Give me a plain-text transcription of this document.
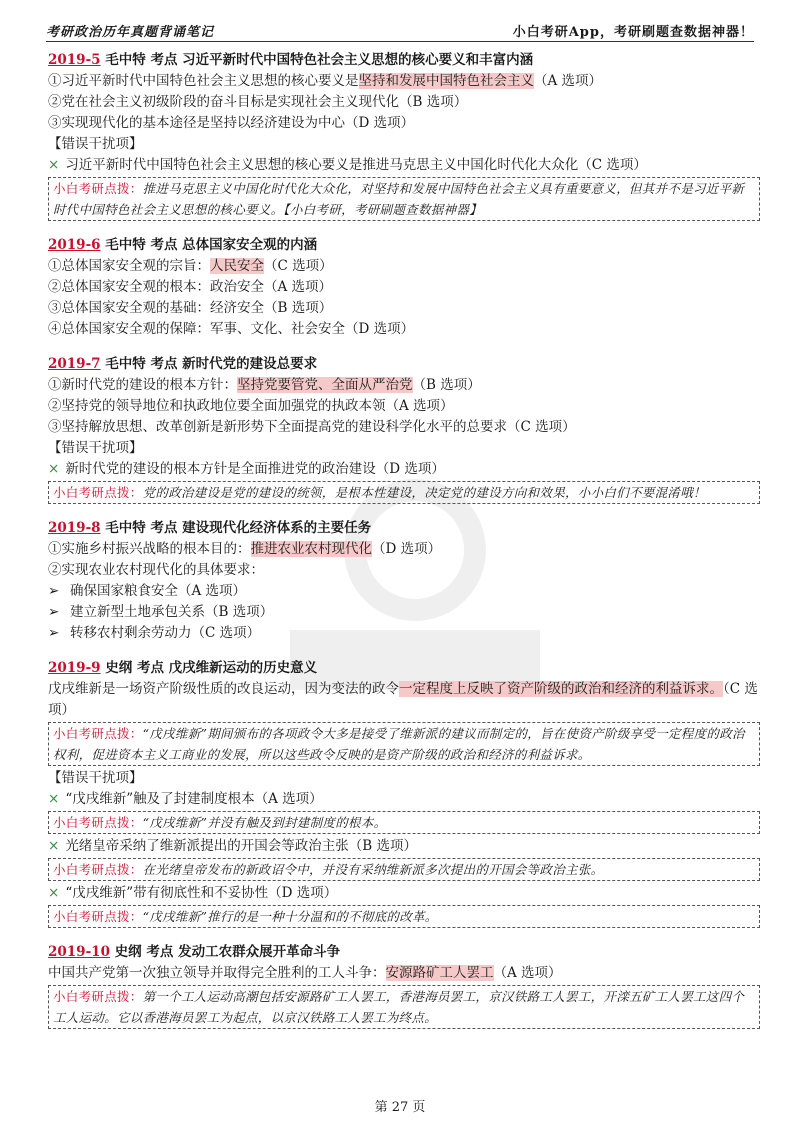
考研政治历年真题背诵笔记	小白考研App，考研刷题查数据神器！
2019-5 毛中特 考点 习近平新时代中国特色社会主义思想的核心要义和丰富内涵
①习近平新时代中国特色社会主义思想的核心要义是坚持和发展中国特色社会主义（A 选项）
②党在社会主义初级阶段的奋斗目标是实现社会主义现代化（B 选项）
③实现现代化的基本途径是坚持以经济建设为中心（D 选项）
【错误干扰项】
× 习近平新时代中国特色社会主义思想的核心要义是推进马克思主义中国化时代化大众化（C 选项）
小白考研点拨：推进马克思主义中国化时代化大众化，对坚持和发展中国特色社会主义具有重要意义，但其并不是习近平新时代中国特色社会主义思想的核心要义。【小白考研，考研刷题查数据神器】
2019-6 毛中特 考点 总体国家安全观的内涵
①总体国家安全观的宗旨：人民安全（C 选项）
②总体国家安全观的根本：政治安全（A 选项）
③总体国家安全观的基础：经济安全（B 选项）
④总体国家安全观的保障：军事、文化、社会安全（D 选项）
2019-7 毛中特 考点 新时代党的建设总要求
①新时代党的建设的根本方针：坚持党要管党、全面从严治党（B 选项）
②坚持党的领导地位和执政地位要全面加强党的执政本领（A 选项）
③坚持解放思想、改革创新是新形势下全面提高党的建设科学化水平的总要求（C 选项）
【错误干扰项】
× 新时代党的建设的根本方针是全面推进党的政治建设（D 选项）
小白考研点拨：党的政治建设是党的建设的统领，是根本性建设，决定党的建设方向和效果，小小白们不要混淆哦！
2019-8 毛中特 考点 建设现代化经济体系的主要任务
①实施乡村振兴战略的根本目的：推进农业农村现代化（D 选项）
②实现农业农村现代化的具体要求：
➢ 确保国家粮食安全（A 选项）
➢ 建立新型土地承包关系（B 选项）
➢ 转移农村剩余劳动力（C 选项）
2019-9 史纲 考点 戊戌维新运动的历史意义
戊戌维新是一场资产阶级性质的改良运动，因为变法的政令一定程度上反映了资产阶级的政治和经济的利益诉求。（C 选项）
小白考研点拨：“戊戌维新”期间颁布的各项政令大多是接受了维新派的建议而制定的，旨在使资产阶级享受一定程度的政治权利，促进资本主义工商业的发展，所以这些政令反映的是资产阶级的政治和经济的利益诉求。
【错误干扰项】
× “戊戌维新”触及了封建制度根本（A 选项）
小白考研点拨：“戊戌维新”并没有触及到封建制度的根本。
× 光绪皇帝采纳了维新派提出的开国会等政治主张（B 选项）
小白考研点拨：在光绪皇帝发布的新政诏令中，并没有采纳维新派多次提出的开国会等政治主张。
× “戊戌维新”带有彻底性和不妥协性（D 选项）
小白考研点拨：“戊戌维新”推行的是一种十分温和的不彻底的改革。
2019-10 史纲 考点 发动工农群众展开革命斗争
中国共产党第一次独立领导并取得完全胜利的工人斗争：安源路矿工人罢工（A 选项）
小白考研点拨：第一个工人运动高潮包括安源路矿工人罢工，香港海员罢工，京汉铁路工人罢工，开滦五矿工人罢工这四个工人运动。它以香港海员罢工为起点，以京汉铁路工人罢工为终点。
第 27 页
